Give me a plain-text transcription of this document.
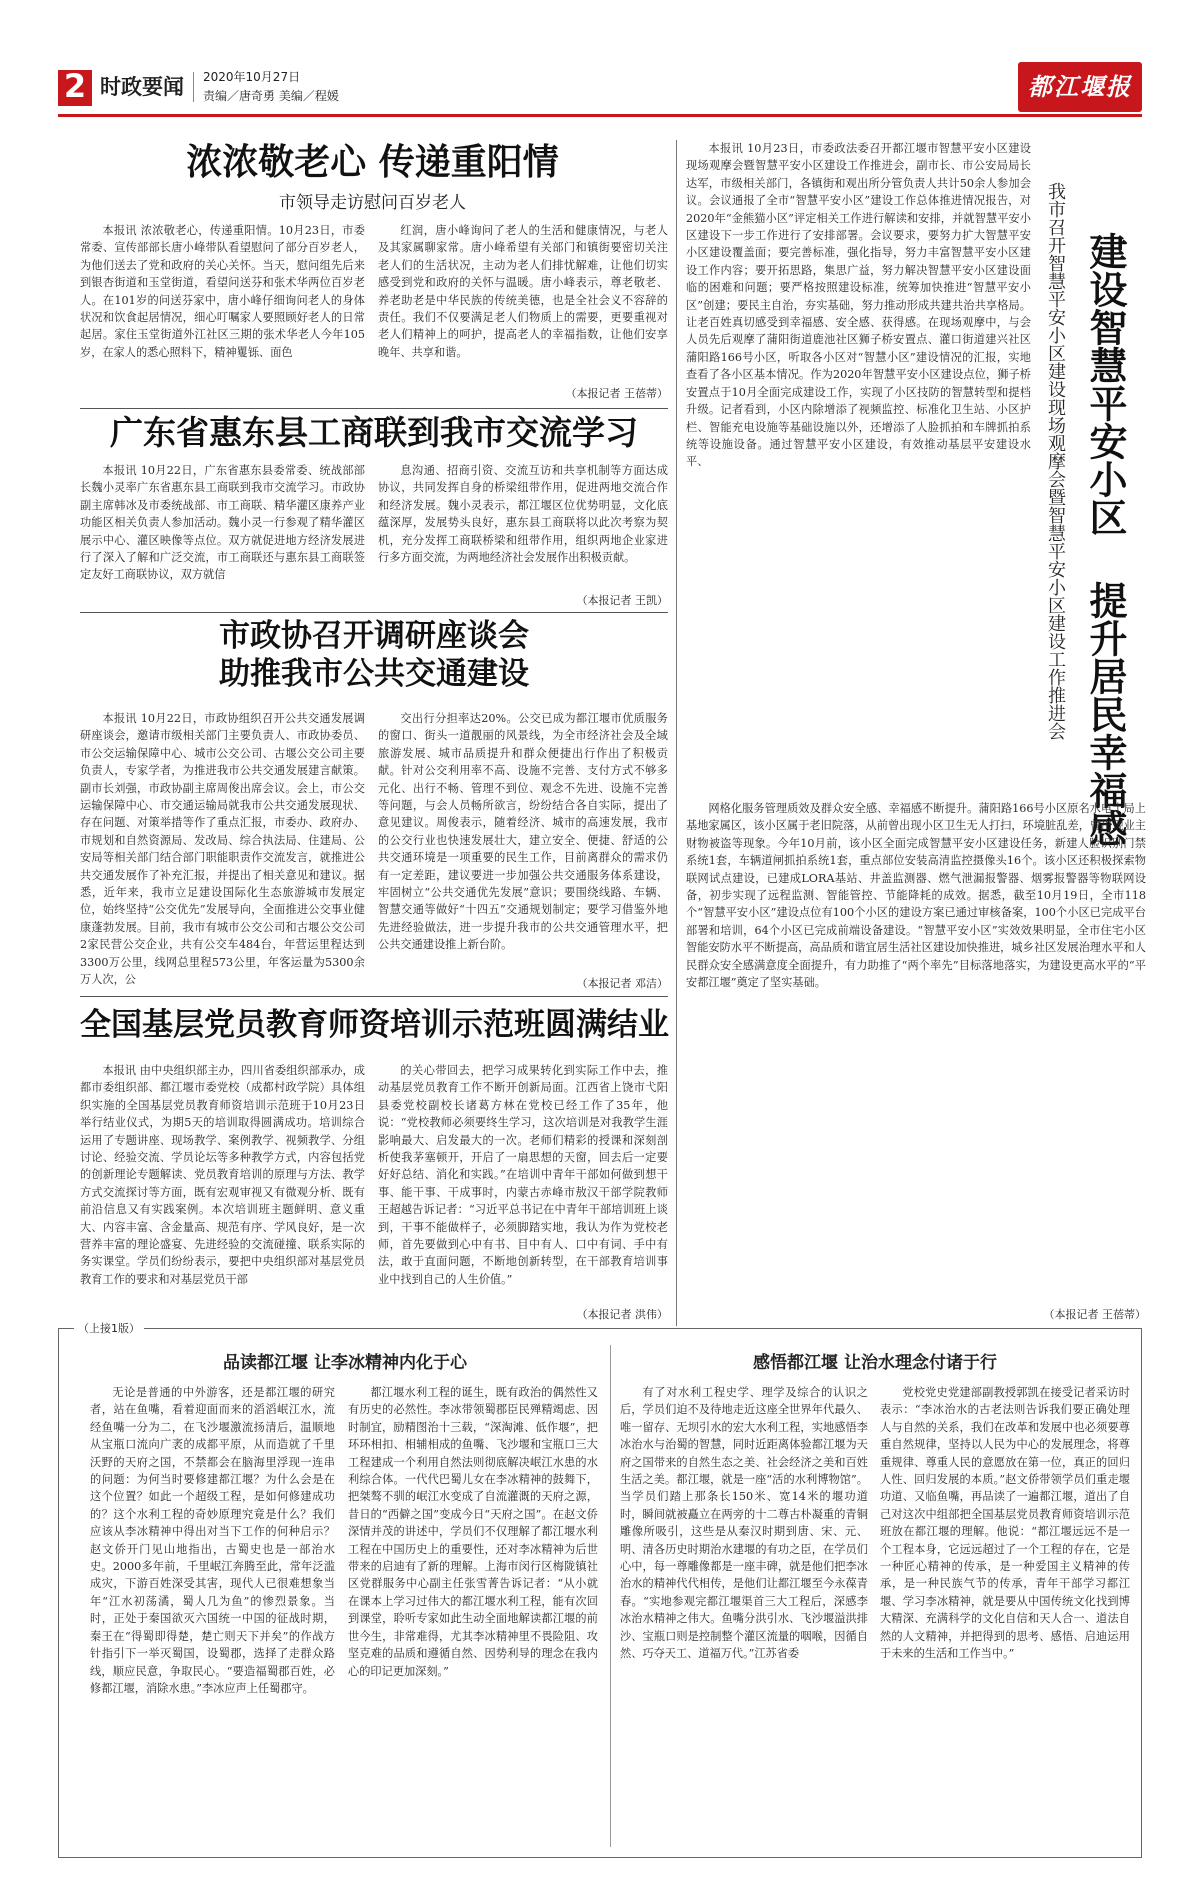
2 时政要闻 2020年10月27日
责编／唐奇勇 美编／程媛	都江堰报
浓浓敬老心 传递重阳情
市领导走访慰问百岁老人
本报讯 浓浓敬老心，传递重阳情。10月23日，市委常委、宣传部部长唐小峰带队看望慰问了部分百岁老人，为他们送去了党和政府的关心关怀。当天，慰问组先后来到银杏街道和玉堂街道，看望问送芬和张术华两位百岁老人。在101岁的问送芬家中，唐小峰仔细询问老人的身体状况和饮食起居情况，细心叮嘱家人要照顾好老人的日常起居。家住玉堂街道外江社区三期的张术华老人今年105岁，在家人的悉心照料下，精神矍铄、面色
红润，唐小峰询问了老人的生活和健康情况，与老人及其家属聊家常。唐小峰希望有关部门和镇街要密切关注老人们的生活状况，主动为老人们排忧解难，让他们切实感受到党和政府的关怀与温暖。唐小峰表示，尊老敬老、养老助老是中华民族的传统美德，也是全社会义不容辞的责任。我们不仅要满足老人们物质上的需要，更要重视对老人们精神上的呵护，提高老人的幸福指数，让他们安享晚年、共享和谐。
（本报记者 王蓓蒂）
广东省惠东县工商联到我市交流学习
本报讯 10月22日，广东省惠东县委常委、统战部部长魏小灵率广东省惠东县工商联到我市交流学习。市政协副主席韩冰及市委统战部、市工商联、精华灌区康养产业功能区相关负责人参加活动。魏小灵一行参观了精华灌区展示中心、灌区映像等点位。双方就促进地方经济发展进行了深入了解和广泛交流，市工商联还与惠东县工商联签定友好工商联协议，双方就信
息沟通、招商引资、交流互访和共享机制等方面达成协议，共同发挥自身的桥梁纽带作用，促进两地交流合作和经济发展。魏小灵表示，都江堰区位优势明显，文化底蕴深厚，发展势头良好，惠东县工商联将以此次考察为契机，充分发挥工商联桥梁和纽带作用，组织两地企业家进行多方面交流，为两地经济社会发展作出积极贡献。
（本报记者 王凯）
市政协召开调研座谈会
助推我市公共交通建设
本报讯 10月22日，市政协组织召开公共交通发展调研座谈会，邀请市级相关部门主要负责人、市政协委员、市公交运输保障中心、城市公交公司、古堰公交公司主要负责人，专家学者，为推进我市公共交通发展建言献策。副市长刘强，市政协副主席周俊出席会议。会上，市公交运输保障中心、市交通运输局就我市公共交通发展现状、存在问题、对策举措等作了重点汇报，市委办、政府办、市规划和自然资源局、发改局、综合执法局、住建局、公安局等相关部门结合部门职能职责作交流发言，就推进公共交通发展作了补充汇报，并提出了相关意见和建议。据悉，近年来，我市立足建设国际化生态旅游城市发展定位，始终坚持“公交优先”发展导向，全面推进公交事业健康蓬勃发展。目前，我市有城市公交公司和古堰公交公司2家民营公交企业，共有公交车484台，年营运里程达到3300万公里，线网总里程573公里，年客运量为5300余万人次，公
交出行分担率达20%。公交已成为都江堰市优质服务的窗口、街头一道靓丽的风景线，为全市经济社会及全域旅游发展、城市品质提升和群众便捷出行作出了积极贡献。针对公交利用率不高、设施不完善、支付方式不够多元化、出行不畅、管理不到位、观念不先进、设施不完善等问题，与会人员畅所欲言，纷纷结合各自实际，提出了意见建议。周俊表示，随着经济、城市的高速发展，我市的公交行业也快速发展壮大，建立安全、便捷、舒适的公共交通环境是一项重要的民生工作，目前离群众的需求仍有一定差距，建议要进一步加强公共交通服务体系建设，牢固树立“公共交通优先发展”意识；要围绕线路、车辆、智慧交通等做好“十四五”交通规划制定；要学习借鉴外地先进经验做法，进一步提升我市的公共交通管理水平，把公共交通建设推上新台阶。
（本报记者 邓洁）
全国基层党员教育师资培训示范班圆满结业
本报讯 由中央组织部主办，四川省委组织部承办，成都市委组织部、都江堰市委党校（成都村政学院）具体组织实施的全国基层党员教育师资培训示范班于10月23日举行结业仪式，为期5天的培训取得圆满成功。培训综合运用了专题讲座、现场教学、案例教学、视频教学、分组讨论、经验交流、学员论坛等多种教学方式，内容包括党的创新理论专题解读、党员教育培训的原理与方法、教学方式交流探讨等方面，既有宏观审视又有微观分析、既有前沿信息又有实践案例。本次培训班主题鲜明、意义重大、内容丰富、含金量高、规范有序、学风良好，是一次营养丰富的理论盛宴、先进经验的交流碰撞、联系实际的务实课堂。学员们纷纷表示，要把中央组织部对基层党员教育工作的要求和对基层党员干部
的关心带回去，把学习成果转化到实际工作中去，推动基层党员教育工作不断开创新局面。江西省上饶市弋阳县委党校副校长诸葛方林在党校已经工作了35年，他说：“党校教师必须要终生学习，这次培训是对我教学生涯影响最大、启发最大的一次。老师们精彩的授课和深刻剖析使我茅塞顿开，开启了一扇思想的天窗，回去后一定要好好总结、消化和实践。”在培训中青年干部如何做到想干事、能干事、干成事时，内蒙古赤峰市敖汉干部学院教师王超越告诉记者：“习近平总书记在中青年干部培训班上谈到，干事不能做样子，必须脚踏实地，我认为作为党校老师，首先要做到心中有书、目中有人、口中有词、手中有法，敢于直面问题，不断地创新转型，在干部教育培训事业中找到自己的人生价值。”
（本报记者 洪伟）
建设智慧平安小区 提升居民幸福感
我市召开智慧平安小区建设现场观摩会暨智慧平安小区建设工作推进会
本报讯 10月23日，市委政法委召开都江堰市智慧平安小区建设现场观摩会暨智慧平安小区建设工作推进会，副市长、市公安局局长达军，市级相关部门，各镇街和观出所分管负责人共计50余人参加会议。会议通报了全市“智慧平安小区”建设工作总体推进情况报告，对2020年“金熊猫小区”评定相关工作进行解读和安排，并就智慧平安小区建设下一步工作进行了安排部署。会议要求，要努力扩大智慧平安小区建设覆盖面；要完善标准，强化指导，努力丰富智慧平安小区建设工作内容；要开拓思路，集思广益，努力解决智慧平安小区建设面临的困难和问题；要严格按照建设标准，统筹加快推进“智慧平安小区”创建；要民主自治，夯实基础，努力推动形成共建共治共享格局。让老百姓真切感受到幸福感、安全感、获得感。在现场观摩中，与会人员先后观摩了蒲阳街道鹿池社区狮子桥安置点、灌口街道建兴社区蒲阳路166号小区，听取各小区对“智慧小区”建设情况的汇报，实地查看了各小区基本情况。作为2020年智慧平安小区建设点位，狮子桥安置点于10月全面完成建设工作，实现了小区技防的智慧转型和提档升级。记者看到，小区内除增添了视频监控、标准化卫生站、小区护栏、智能充电设施等基础设施以外，还增添了人脸抓拍和车牌抓拍系统等设施设备。通过智慧平安小区建设，有效推动基层平安建设水平、
网格化服务管理质效及群众安全感、幸福感不断提升。蒲阳路166号小区原名水电十局上基地家属区，该小区属于老旧院落，从前曾出现小区卫生无人打扫，环境脏乱差，曾出现业主财物被盗等现象。今年10月前，该小区全面完成智慧平安小区建设任务，新建人脸识别门禁系统1套，车辆道闸抓拍系统1套，重点部位安装高清监控摄像头16个。该小区还积极探索物联网试点建设，已建成LORA基站、井盖监测器、燃气泄漏报警器、烟雾报警器等物联网设备，初步实现了远程监测、智能管控、节能降耗的成效。据悉，截至10月19日，全市118个“智慧平安小区”建设点位有100个小区的建设方案已通过审核备案，100个小区已完成平台部署和培训，64个小区已完成前端设备建设。“智慧平安小区”实效效果明显，全市住宅小区智能安防水平不断提高，高品质和谐宜居生活社区建设加快推进，城乡社区发展治理水平和人民群众安全感满意度全面提升，有力助推了“两个率先”目标落地落实，为建设更高水平的“平安都江堰”奠定了坚实基础。
（本报记者 王蓓蒂）
（上接1版）
品读都江堰 让李冰精神内化于心
无论是普通的中外游客，还是都江堰的研究者，站在鱼嘴，看着迎面而来的滔滔岷江水，流经鱼嘴一分为二，在飞沙堰激流扬清后，温顺地从宝瓶口流向广袤的成都平原，从而造就了千里沃野的天府之国，不禁都会在脑海里浮现一连串的问题：为何当时要修建都江堰？为什么会是在这个位置？如此一个超级工程，是如何修建成功的？这个水利工程的奇妙原理究竟是什么？我们应该从李冰精神中得出对当下工作的何种启示？赵文侨开门见山地指出，古蜀史也是一部治水史。2000多年前，千里岷江奔腾至此，常年泛滥成灾，下游百姓深受其害，现代人已很难想象当年“江水初荡潏，蜀人几为鱼”的惨烈景象。当时，正处于秦国欲灭六国统一中国的征战时期，秦王在“得蜀即得楚，楚亡则天下并矣”的作战方针指引下一举灭蜀国，设蜀郡，选择了走群众路线，顺应民意，争取民心。“要造福蜀郡百姓，必修都江堰，消除水患。”李冰应声上任蜀郡守。
都江堰水利工程的诞生，既有政治的偶然性又有历史的必然性。李冰带领蜀郡臣民殚精竭虑、因时制宜，励精图治十三载，“深淘滩、低作堰”，把环环相扣、相辅相成的鱼嘴、飞沙堰和宝瓶口三大工程建成一个利用自然法则彻底解决岷江水患的水利综合体。一代代巴蜀儿女在李冰精神的鼓舞下，把桀骜不驯的岷江水变成了自流灌溉的天府之源，昔日的“西僻之国”变成今日“天府之国”。在赵文侨深情并茂的讲述中，学员们不仅理解了都江堰水利工程在中国历史上的重要性，还对李冰精神为后世带来的启迪有了新的理解。上海市闵行区梅陇镇社区党群服务中心副主任张雪菁告诉记者：“从小就在课本上学习过伟大的都江堰水利工程，能有次回到课堂，聆听专家如此生动全面地解读都江堰的前世今生，非常难得，尤其李冰精神里不畏险阻、攻坚克难的品质和遵循自然、因势利导的理念在我内心的印记更加深刻。”
感悟都江堰 让治水理念付诸于行
有了对水利工程史学、理学及综合的认识之后，学员们迫不及待地走近这座全世界年代最久、唯一留存、无坝引水的宏大水利工程，实地感悟李冰治水与治蜀的智慧，同时近距离体验都江堰为天府之国带来的自然生态之美、社会经济之美和百姓生活之美。都江堰，就是一座“活的水利博物馆”。当学员们踏上那条长150米、宽14米的堰功道时，瞬间就被矗立在两旁的十二尊古朴凝重的青铜雕像所吸引，这些是从秦汉时期到唐、宋、元、明、清各历史时期治水建堰的有功之臣，在学员们心中，每一尊雕像都是一座丰碑，就是他们把李冰治水的精神代代相传，是他们让都江堰至今永葆青春。“实地参观完都江堰渠首三大工程后，深感李冰治水精神之伟大。鱼嘴分洪引水、飞沙堰溢洪排沙、宝瓶口则是控制整个灌区流量的咽喉，因循自然、巧夺天工、道福万代。”江苏省委
党校党史党建部副教授郭凯在接受记者采访时表示：“李冰治水的古老法则告诉我们要正确处理人与自然的关系，我们在改革和发展中也必须要尊重自然规律，坚持以人民为中心的发展理念，将尊重规律、尊重人民的意愿放在第一位，真正的回归人性、回归发展的本质。”赵文侨带领学员们重走堰功道、又临鱼嘴，再品读了一遍都江堰，道出了自己对这次中组部把全国基层党员教育师资培训示范班放在都江堰的理解。他说：“都江堰远远不是一个工程本身，它远远超过了一个工程的存在，它是一种匠心精神的传承，是一种爱国主义精神的传承，是一种民族气节的传承，青年干部学习都江堰、学习李冰精神，就是要从中国传统文化找到博大精深、充满科学的文化自信和天人合一、道法自然的人文精神，并把得到的思考、感悟、启迪运用于未来的生活和工作当中。”
